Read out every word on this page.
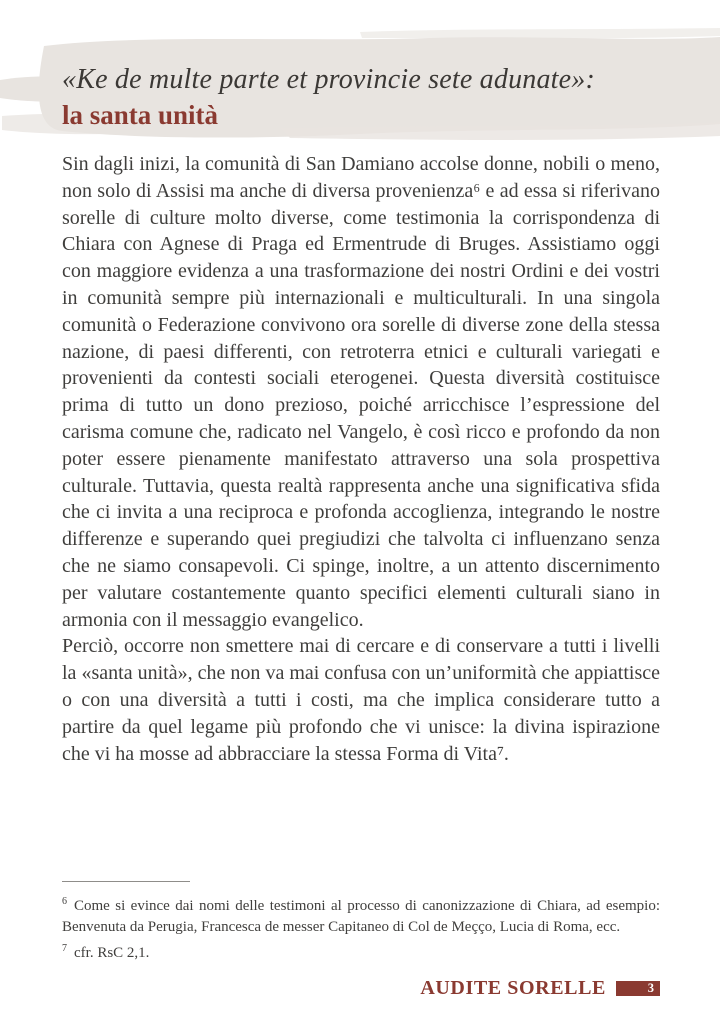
«Ke de multe parte et provincie sete adunate»:
la santa unità

Sin dagli inizi, la comunità di San Damiano accolse donne, nobili o meno, non solo di Assisi ma anche di diversa provenienza⁶ e ad essa si riferivano sorelle di culture molto diverse, come testimonia la corrispondenza di Chiara con Agnese di Praga ed Ermentrude di Bruges. Assistiamo oggi con maggiore evidenza a una trasformazione dei nostri Ordini e dei vostri in comunità sempre più internazionali e multiculturali. In una singola comunità o Federazione convivono ora sorelle di diverse zone della stessa nazione, di paesi differenti, con retroterra etnici e culturali variegati e provenienti da contesti sociali eterogenei. Questa diversità costituisce prima di tutto un dono prezioso, poiché arricchisce l’espressione del carisma comune che, radicato nel Vangelo, è così ricco e profondo da non poter essere pienamente manifestato attraverso una sola prospettiva culturale. Tuttavia, questa realtà rappresenta anche una significativa sfida che ci invita a una reciproca e profonda accoglienza, integrando le nostre differenze e superando quei pregiudizi che talvolta ci influenzano senza che ne siamo consapevoli. Ci spinge, inoltre, a un attento discernimento per valutare costantemente quanto specifici elementi culturali siano in armonia con il messaggio evangelico.

Perciò, occorre non smettere mai di cercare e di conservare a tutti i livelli la «santa unità», che non va mai confusa con un’uniformità che appiattisce o con una diversità a tutti i costi, ma che implica considerare tutto a partire da quel legame più profondo che vi unisce: la divina ispirazione che vi ha mosse ad abbracciare la stessa Forma di Vita⁷.

$^6$ Come si evince dai nomi delle testimoni al processo di canonizzazione di Chiara, ad esempio: Benvenuta da Perugia, Francesca de messer Capitaneo di Col de Meçço, Lucia di Roma, ecc.

$^7$ cfr. RsC 2,1.

AUDITE SORELLE	3
